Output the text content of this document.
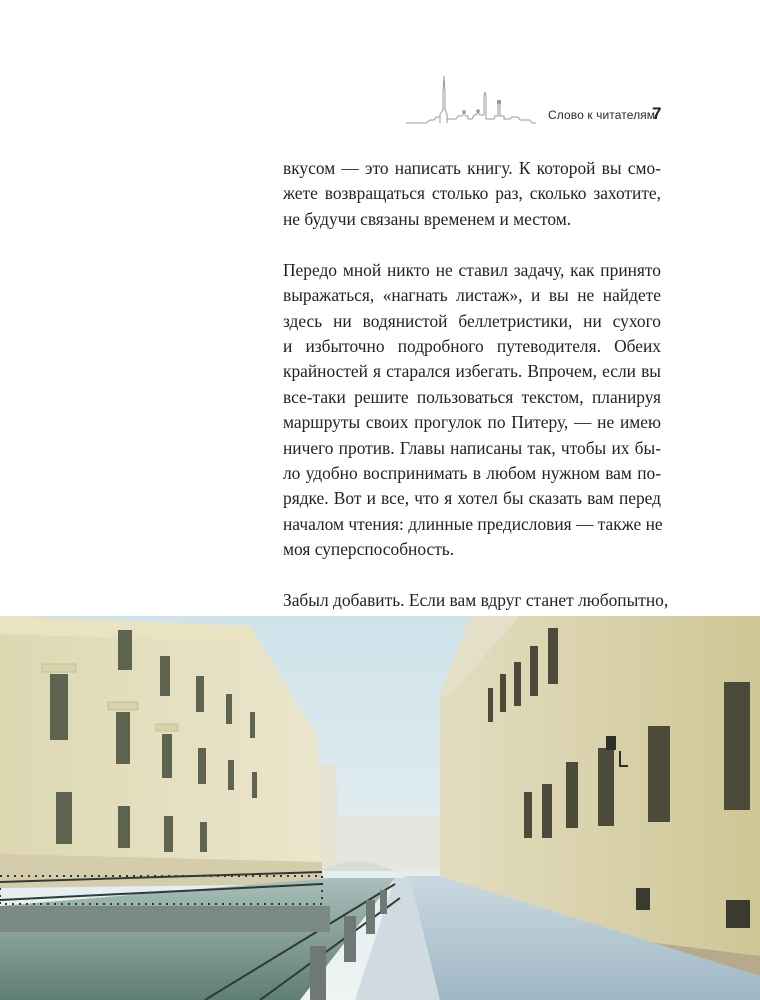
Слово к читателям
7

вкусом — это написать книгу. К которой вы смо-
жете возвращаться столько раз, сколько захотите,
не будучи связаны временем и местом.

Передо мной никто не ставил задачу, как принято
выражаться, «нагнать листаж», и вы не найдете
здесь ни водянистой беллетристики, ни сухого
и избыточно подробного путеводителя. Обеих
крайностей я старался избегать. Впрочем, если вы
все-таки решите пользоваться текстом, планируя
маршруты своих прогулок по Питеру, — не имею
ничего против. Главы написаны так, чтобы их бы-
ло удобно воспринимать в любом нужном вам по-
рядке. Вот и все, что я хотел бы сказать вам перед
началом чтения: длинные предисловия — также не
моя суперспособность.

Забыл добавить. Если вам вдруг станет любопытно,
